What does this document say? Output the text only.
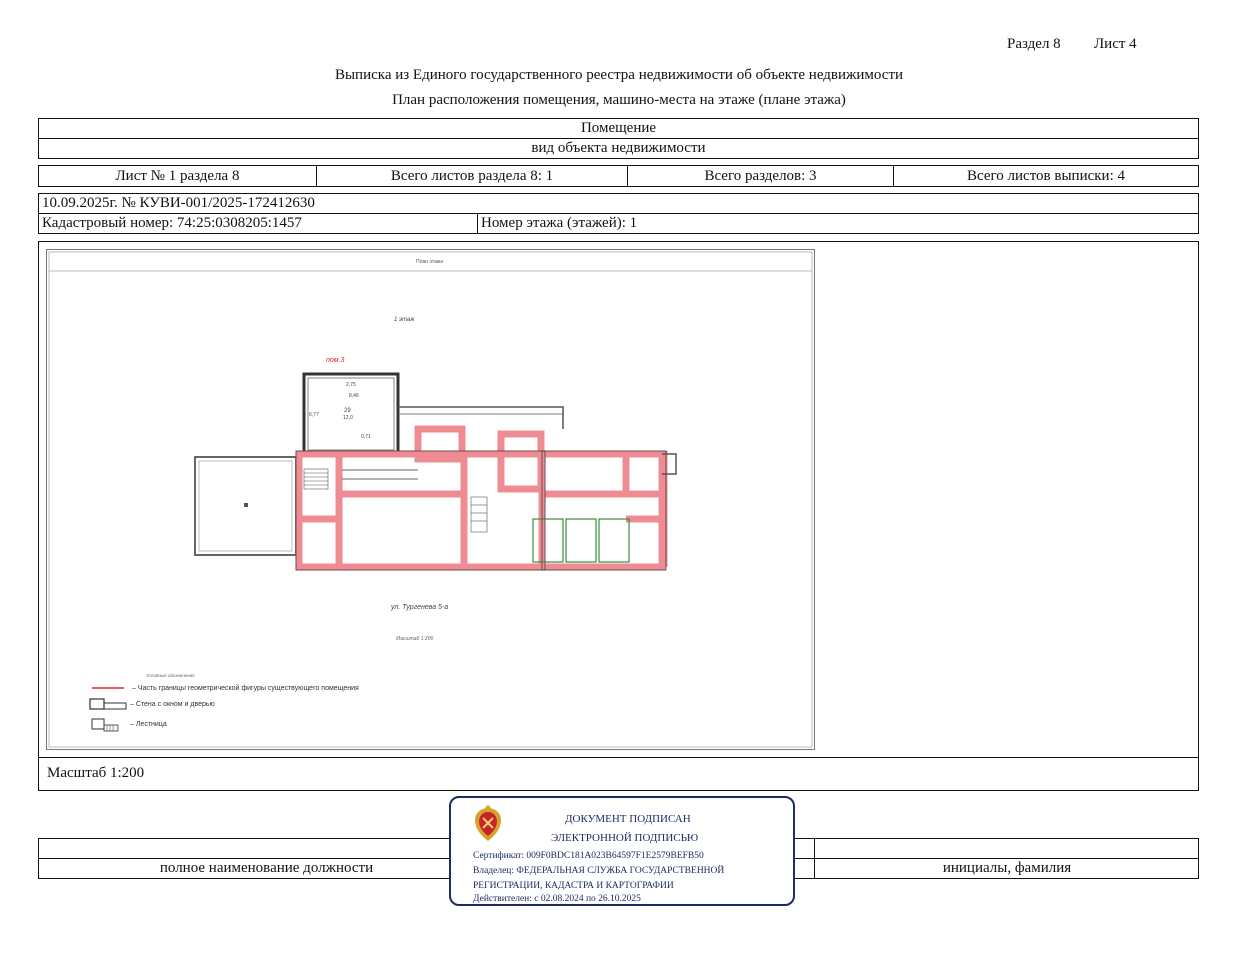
Раздел 8 Лист 4
Выписка из Единого государственного реестра недвижимости об объекте недвижимости
План расположения помещения, машино-места на этаже (плане этажа)
Помещение
вид объекта недвижимости
Лист № 1 раздела 8	Всего листов раздела 8: 1	Всего разделов: 3	Всего листов выписки: 4
10.09.2025г. № КУВИ-001/2025-172412630
Кадастровый номер: 74:25:0308205:1457	Номер этажа (этажей): 1
Масштаб 1:200
План этажа
1 этаж
пом.3
2,75
8,46
29
12,0
6,77
0,71
ул. Тургенева 5-а
Масштаб 1:200
Условные обозначения
– Часть границы геометрической фигуры существующего помещения
– Стена с окном и дверью
– Лестница
полное наименование должности	инициалы, фамилия
ДОКУМЕНТ ПОДПИСАН
ЭЛЕКТРОННОЙ ПОДПИСЬЮ
Сертификат: 009F0BDC181A023B64597F1E2579BEFB50
Владелец: ФЕДЕРАЛЬНАЯ СЛУЖБА ГОСУДАРСТВЕННОЙ
РЕГИСТРАЦИИ, КАДАСТРА И КАРТОГРАФИИ
Действителен: с 02.08.2024 по 26.10.2025
